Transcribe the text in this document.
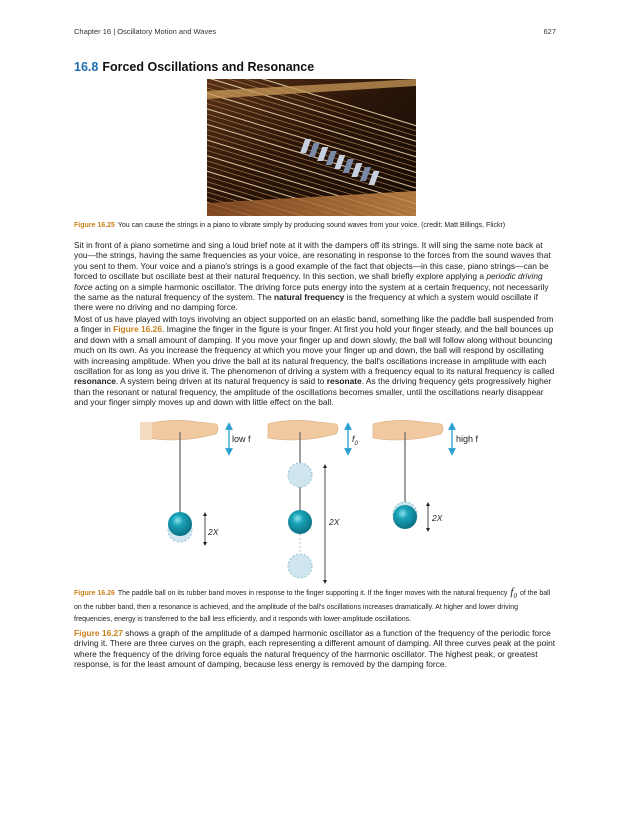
Chapter 16 | Oscillatory Motion and Waves	627
16.8 Forced Oscillations and Resonance
Figure 16.25 You can cause the strings in a piano to vibrate simply by producing sound waves from your voice. (credit: Matt Billings, Flickr)

Sit in front of a piano sometime and sing a loud brief note at it with the dampers off its strings. It will sing the same note back at you—the strings, having the same frequencies as your voice, are resonating in response to the forces from the sound waves that you sent to them. Your voice and a piano's strings is a good example of the fact that objects—in this case, piano strings—can be forced to oscillate but oscillate best at their natural frequency. In this section, we shall briefly explore applying a periodic driving force acting on a simple harmonic oscillator. The driving force puts energy into the system at a certain frequency, not necessarily the same as the natural frequency of the system. The natural frequency is the frequency at which a system would oscillate if there were no driving and no damping force.

Most of us have played with toys involving an object supported on an elastic band, something like the paddle ball suspended from a finger in Figure 16.26. Imagine the finger in the figure is your finger. At first you hold your finger steady, and the ball bounces up and down with a small amount of damping. If you move your finger up and down slowly, the ball will follow along without bouncing much on its own. As you increase the frequency at which you move your finger up and down, the ball will respond by oscillating with increasing amplitude. When you drive the ball at its natural frequency, the ball's oscillations increase in amplitude with each oscillation for as long as you drive it. The phenomenon of driving a system with a frequency equal to its natural frequency is called resonance. A system being driven at its natural frequency is said to resonate. As the driving frequency gets progressively higher than the resonant or natural frequency, the amplitude of the oscillations becomes smaller, until the oscillations nearly disappear and your finger simply moves up and down with little effect on the ball.

low f
2X
$f_0$
2X
high f
2X
Figure 16.26 The paddle ball on its rubber band moves in response to the finger supporting it. If the finger moves with the natural frequency $f_0$ of the ball on the rubber band, then a resonance is achieved, and the amplitude of the ball's oscillations increases dramatically. At higher and lower driving frequencies, energy is transferred to the ball less efficiently, and it responds with lower-amplitude oscillations.

Figure 16.27 shows a graph of the amplitude of a damped harmonic oscillator as a function of the frequency of the periodic force driving it. There are three curves on the graph, each representing a different amount of damping. All three curves peak at the point where the frequency of the driving force equals the natural frequency of the harmonic oscillator. The highest peak, or greatest response, is for the least amount of damping, because less energy is removed by the damping force.
